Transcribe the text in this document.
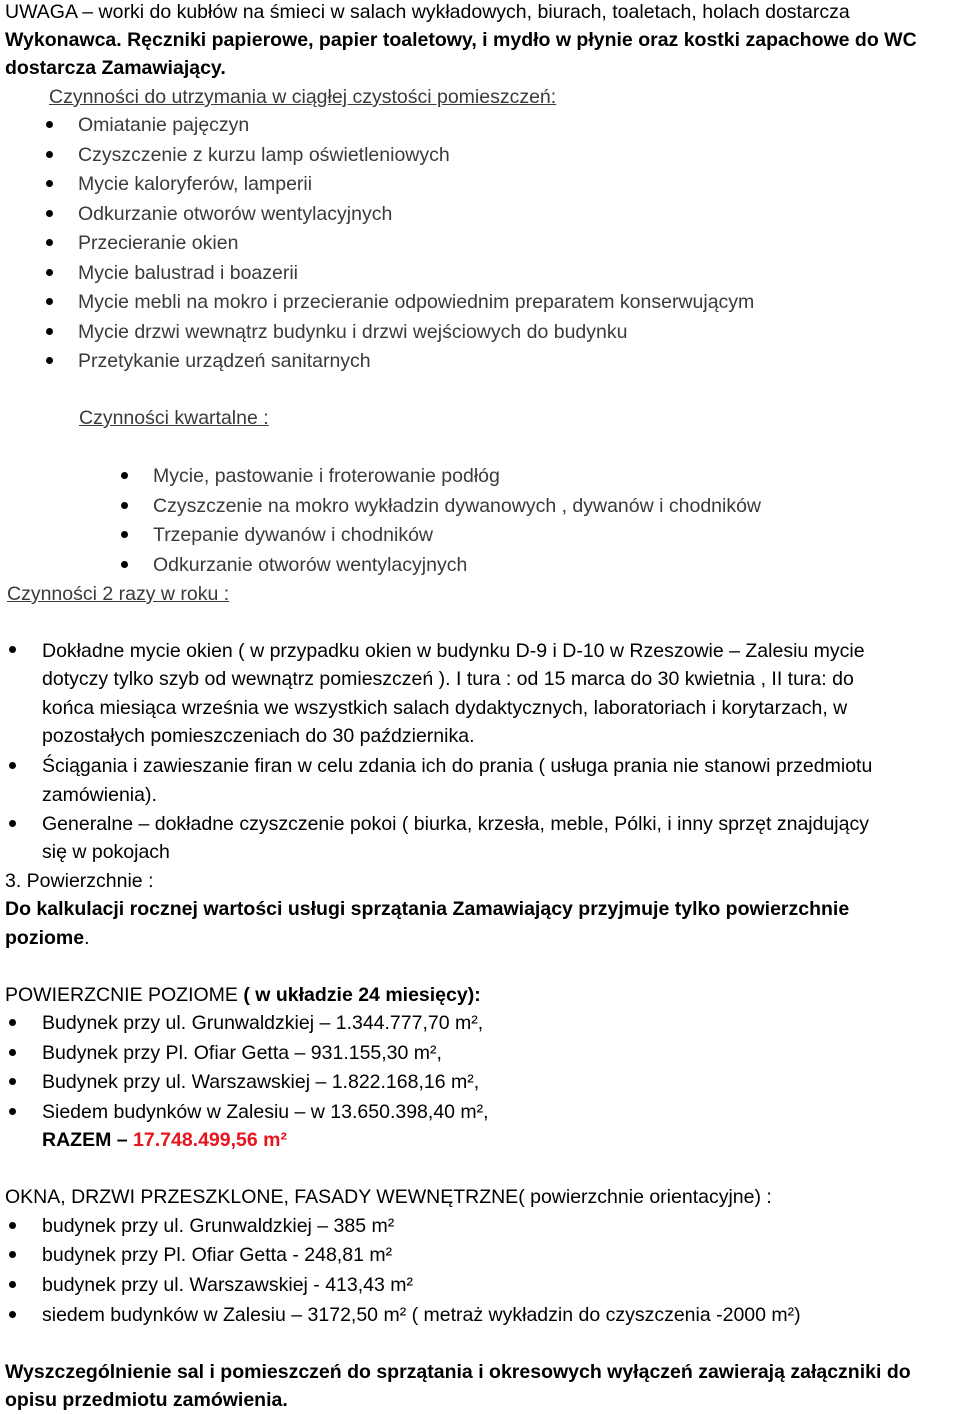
UWAGA – worki do kubłów na śmieci w salach wykładowych, biurach, toaletach, holach dostarcza
Wykonawca. Ręczniki papierowe, papier toaletowy, i mydło w płynie oraz kostki zapachowe do WC
dostarcza Zamawiający.
Czynności do utrzymania w ciągłej czystości pomieszczeń:
Omiatanie pajęczyn
Czyszczenie z kurzu lamp oświetleniowych
Mycie kaloryferów, lamperii
Odkurzanie otworów wentylacyjnych
Przecieranie okien
Mycie balustrad i boazerii
Mycie mebli na mokro i przecieranie odpowiednim preparatem konserwującym
Mycie drzwi wewnątrz budynku i drzwi wejściowych do budynku
Przetykanie urządzeń sanitarnych
Czynności kwartalne :
Mycie, pastowanie i froterowanie podłóg
Czyszczenie na mokro wykładzin dywanowych , dywanów i chodników
Trzepanie dywanów i chodników
Odkurzanie otworów wentylacyjnych
Czynności 2 razy w roku :
Dokładne mycie okien ( w przypadku okien w budynku D-9 i D-10 w Rzeszowie – Zalesiu mycie
dotyczy tylko szyb od wewnątrz pomieszczeń ). I tura : od 15 marca do 30 kwietnia , II tura: do
końca miesiąca września we wszystkich salach dydaktycznych, laboratoriach i korytarzach, w
pozostałych pomieszczeniach do 30 października.
Ściągania i zawieszanie firan w celu zdania ich do prania ( usługa prania nie stanowi przedmiotu
zamówienia).
Generalne – dokładne czyszczenie pokoi ( biurka, krzesła, meble, Pólki, i inny sprzęt znajdujący
się w pokojach
3. Powierzchnie :
Do kalkulacji rocznej wartości usługi sprzątania Zamawiający przyjmuje tylko powierzchnie
poziome.
POWIERZCNIE POZIOME ( w układzie 24 miesięcy):
Budynek przy ul. Grunwaldzkiej – 1.344.777,70 m²,
Budynek przy Pl. Ofiar Getta – 931.155,30 m²,
Budynek przy ul. Warszawskiej – 1.822.168,16 m²,
Siedem budynków w Zalesiu – w 13.650.398,40 m²,
RAZEM – 17.748.499,56 m²
OKNA, DRZWI PRZESZKLONE, FASADY WEWNĘTRZNE( powierzchnie orientacyjne) :
budynek przy ul. Grunwaldzkiej – 385 m²
budynek przy Pl. Ofiar Getta - 248,81 m²
budynek przy ul. Warszawskiej - 413,43 m²
siedem budynków w Zalesiu – 3172,50 m² ( metraż wykładzin do czyszczenia -2000 m²)
Wyszczególnienie sal i pomieszczeń do sprzątania i okresowych wyłączeń zawierają załączniki do
opisu przedmiotu zamówienia.
